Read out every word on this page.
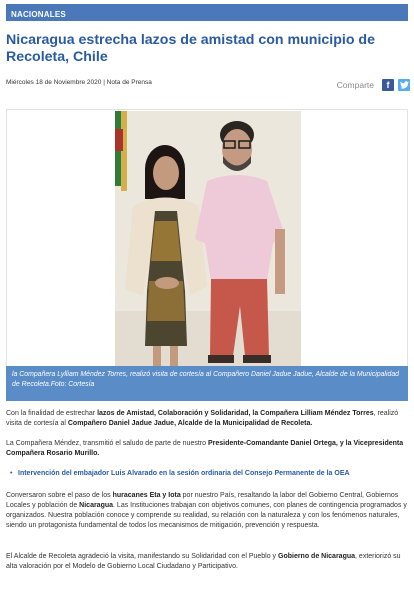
NACIONALES
Nicaragua estrecha lazos de amistad con municipio de Recoleta, Chile
Miércoles 18 de Noviembre 2020 | Nota de Prensa	Comparte	f
la Compañera Lylliam Méndez Torres, realizó visita de cortesía al Compañero Daniel Jadue Jadue, Alcalde de la Municipalidad de Recoleta.Foto: Cortesía

Con la finalidad de estrechar lazos de Amistad, Colaboración y Solidaridad, la Compañera Lilliam Méndez Torres, realizó visita de cortesía al Compañero Daniel Jadue Jadue, Alcalde de la Municipalidad de Recoleta.

La Compañera Méndez, transmitió el saludo de parte de nuestro Presidente-Comandante Daniel Ortega, y la Vicepresidenta Compañera Rosario Murillo.

• Intervención del embajador Luis Alvarado en la sesión ordinaria del Consejo Permanente de la OEA

Conversaron sobre el paso de los huracanes Eta y Iota por nuestro País, resaltando la labor del Gobierno Central, Gobiernos Locales y población de Nicaragua. Las Instituciones trabajan con objetivos comunes, con planes de contingencia programados y organizados. Nuestra población conoce y comprende su realidad, su relación con la naturaleza y con los fenómenos naturales, siendo un protagonista fundamental de todos los mecanismos de mitigación, prevención y respuesta.

El Alcalde de Recoleta agradeció la visita, manifestando su Solidaridad con el Pueblo y Gobierno de Nicaragua, exteriorizó su alta valoración por el Modelo de Gobierno Local Ciudadano y Participativo.
